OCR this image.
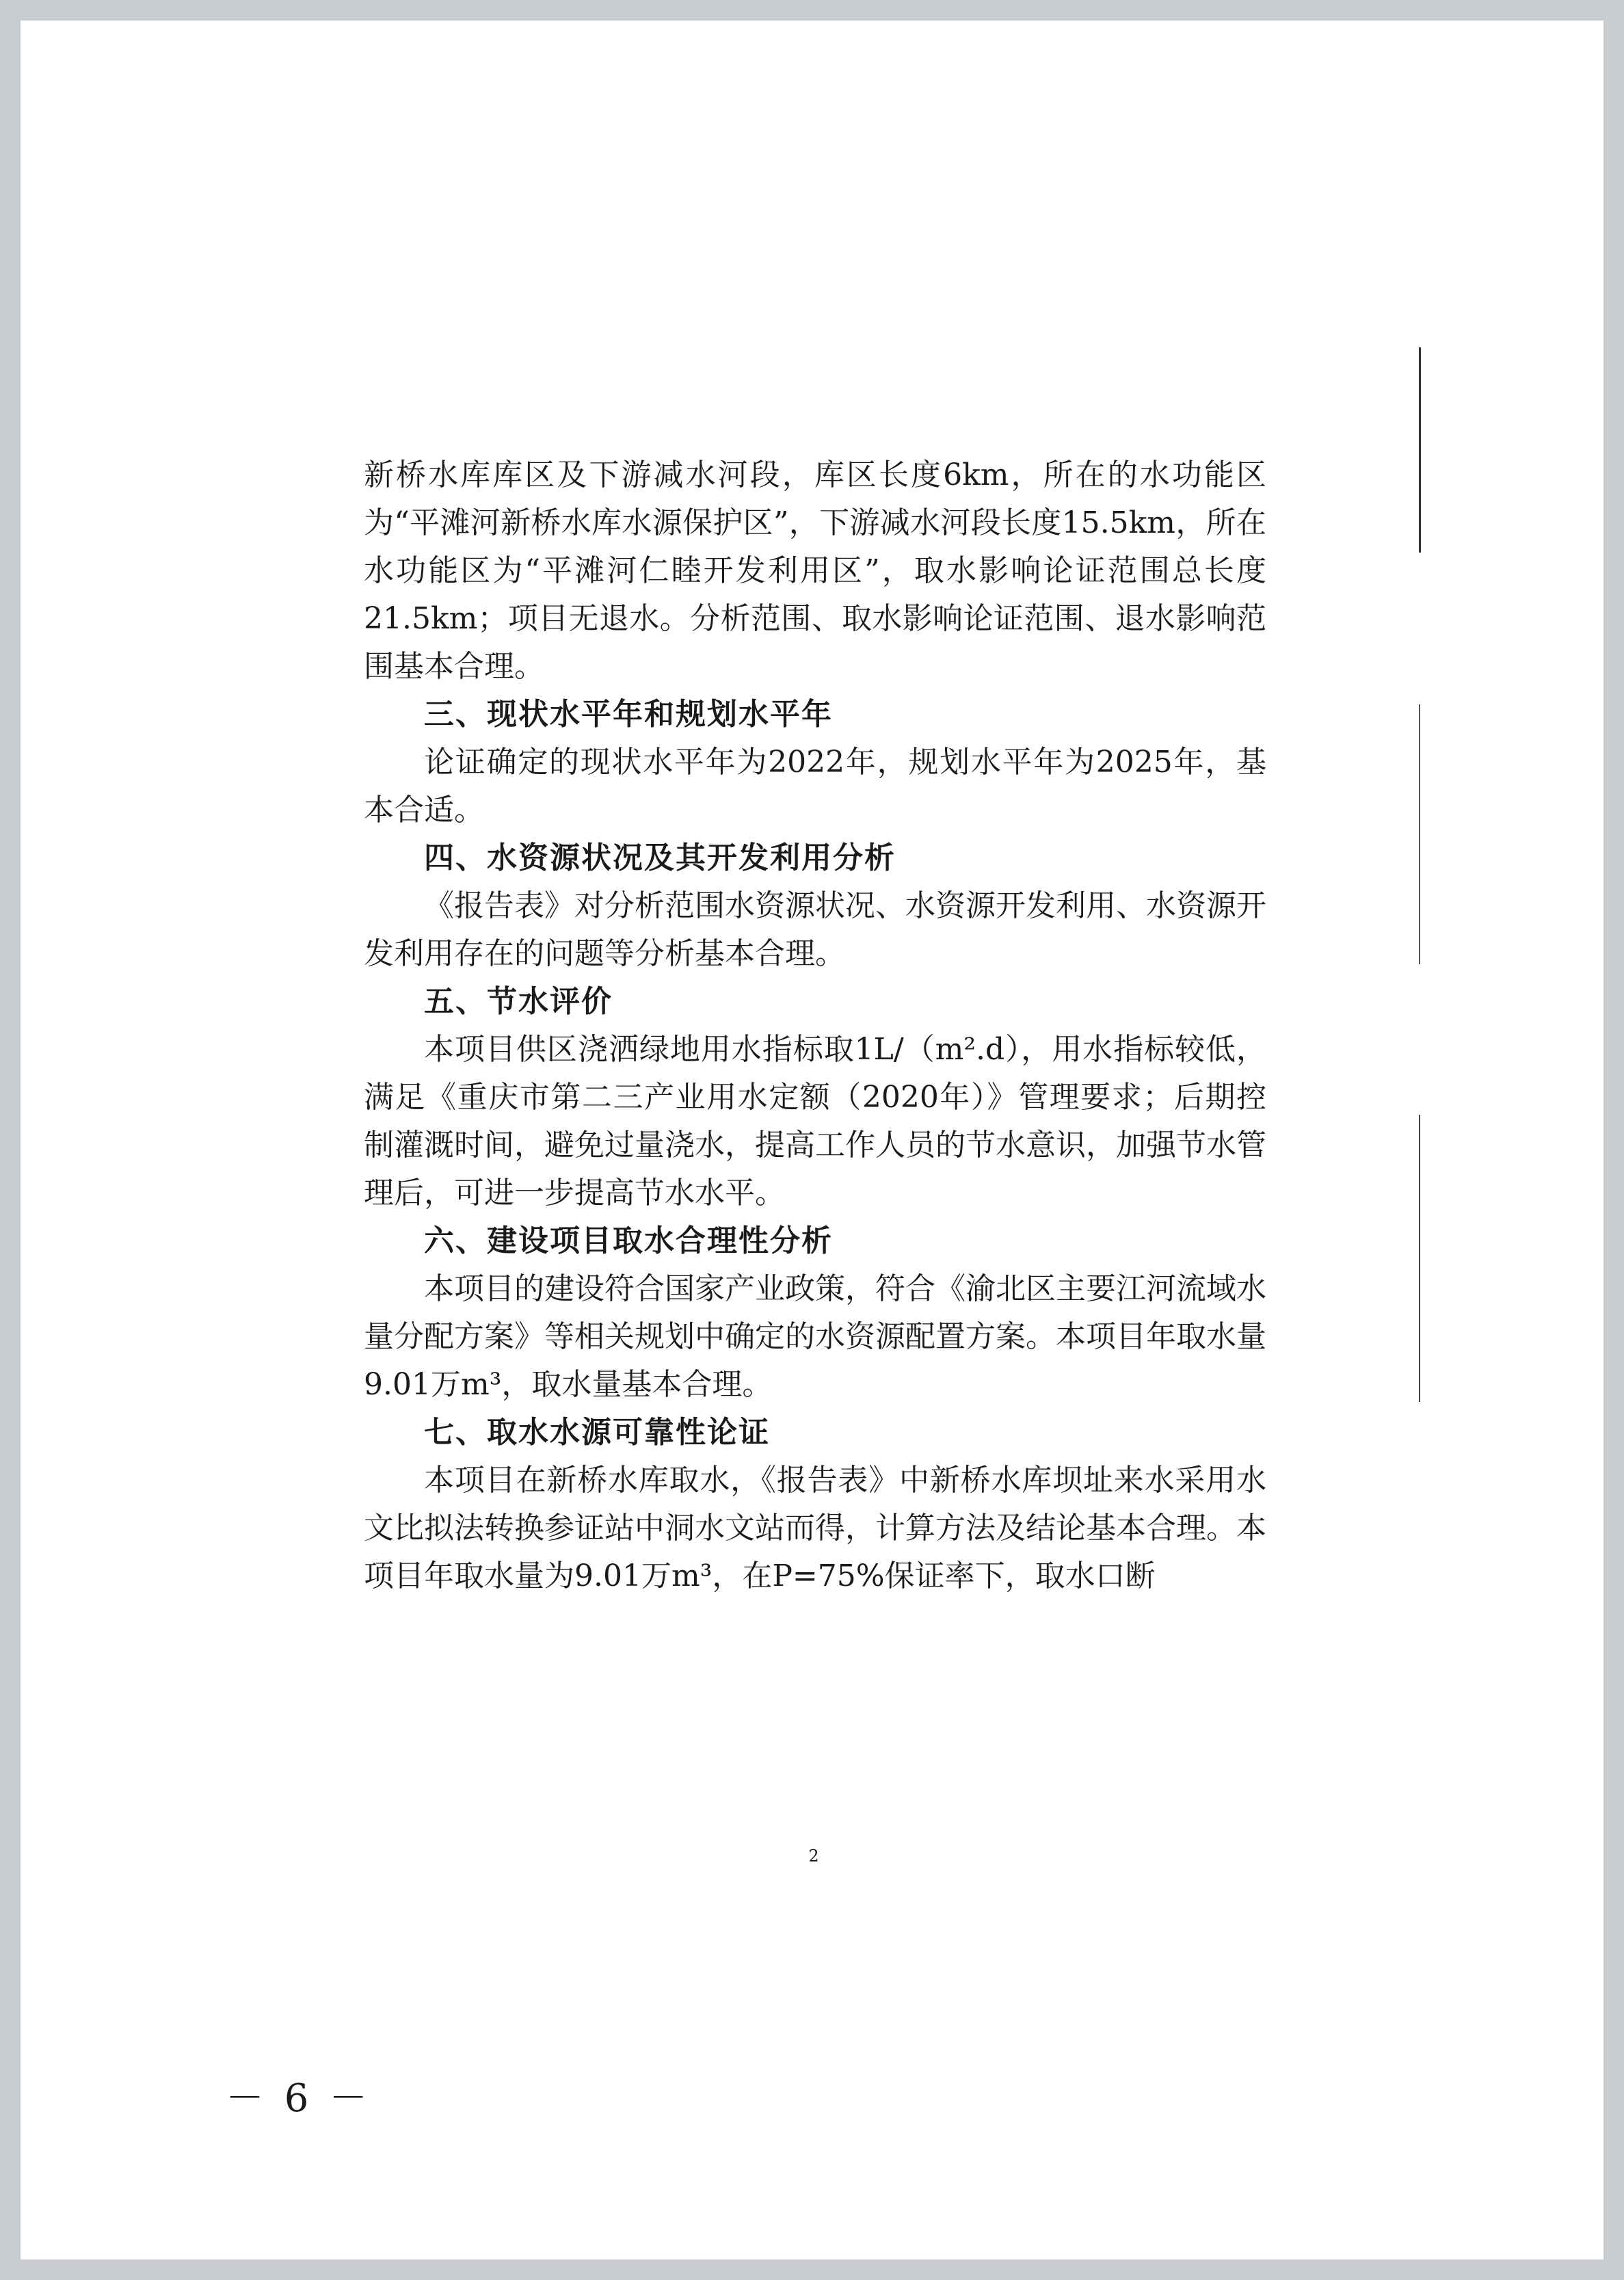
新桥水库库区及下游减水河段，库区长度6km，所在的水功能区为“平滩河新桥水库水源保护区”，下游减水河段长度15.5km，所在水功能区为“平滩河仁睦开发利用区”，取水影响论证范围总长度21.5km；项目无退水。分析范围、取水影响论证范围、退水影响范围基本合理。

三、现状水平年和规划水平年

论证确定的现状水平年为2022年，规划水平年为2025年，基本合适。

四、水资源状况及其开发利用分析

《报告表》对分析范围水资源状况、水资源开发利用、水资源开发利用存在的问题等分析基本合理。

五、节水评价

本项目供区浇洒绿地用水指标取1L/（m².d），用水指标较低，满足《重庆市第二三产业用水定额（2020年）》管理要求；后期控制灌溉时间，避免过量浇水，提高工作人员的节水意识，加强节水管理后，可进一步提高节水水平。

六、建设项目取水合理性分析

本项目的建设符合国家产业政策，符合《渝北区主要江河流域水量分配方案》等相关规划中确定的水资源配置方案。本项目年取水量9.01万m³，取水量基本合理。

七、取水水源可靠性论证

本项目在新桥水库取水，《报告表》中新桥水库坝址来水采用水文比拟法转换参证站中洞水文站而得，计算方法及结论基本合理。本项目年取水量为9.01万m³，在P=75%保证率下，取水口断

2
－ 6 －
